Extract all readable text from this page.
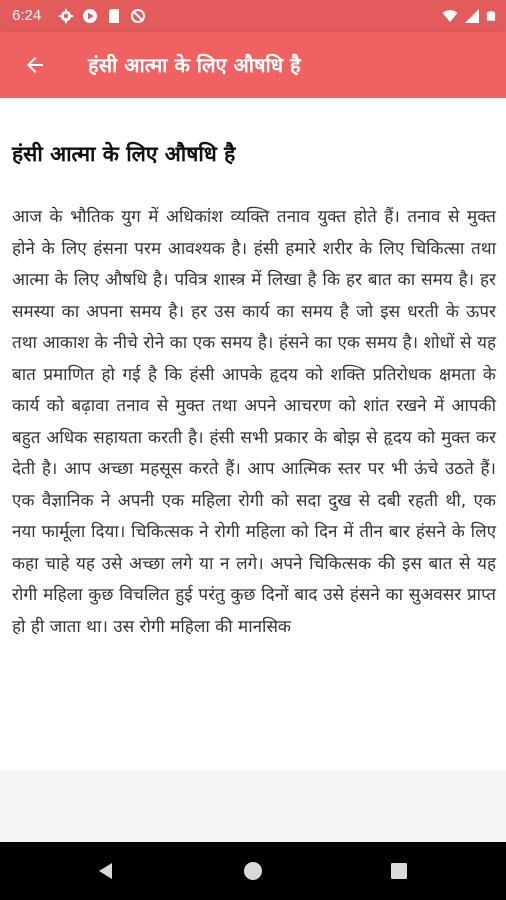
6:24
हंसी आत्मा के लिए औषधि है
हंसी आत्मा के लिए औषधि है

आज के भौतिक युग में अधिकांश व्यक्ति तनाव युक्त होते हैं। तनाव से मुक्त होने के लिए हंसना परम आवश्यक है। हंसी हमारे शरीर के लिए चिकित्सा तथा आत्मा के लिए औषधि है। पवित्र शास्त्र में लिखा है कि हर बात का समय है। हर समस्या का अपना समय है। हर उस कार्य का समय है जो इस धरती के ऊपर तथा आकाश के नीचे रोने का एक समय है। हंसने का एक समय है। शोधों से यह बात प्रमाणित हो गई है कि हंसी आपके हृदय को शक्ति प्रतिरोधक क्षमता के कार्य को बढ़ावा तनाव से मुक्त तथा अपने आचरण को शांत रखने में आपकी बहुत अधिक सहायता करती है। हंसी सभी प्रकार के बोझ से हृदय को मुक्त कर देती है। आप अच्छा महसूस करते हैं। आप आत्मिक स्तर पर भी ऊंचे उठते हैं। एक वैज्ञानिक ने अपनी एक महिला रोगी को सदा दुख से दबी रहती थी, एक नया फार्मूला दिया। चिकित्सक ने रोगी महिला को दिन में तीन बार हंसने के लिए कहा चाहे यह उसे अच्छा लगे या न लगे। अपने चिकित्सक की इस बात से यह रोगी महिला कुछ विचलित हुई परंतु कुछ दिनों बाद उसे हंसने का सुअवसर प्राप्त हो ही जाता था। उस रोगी महिला की मानसिक
